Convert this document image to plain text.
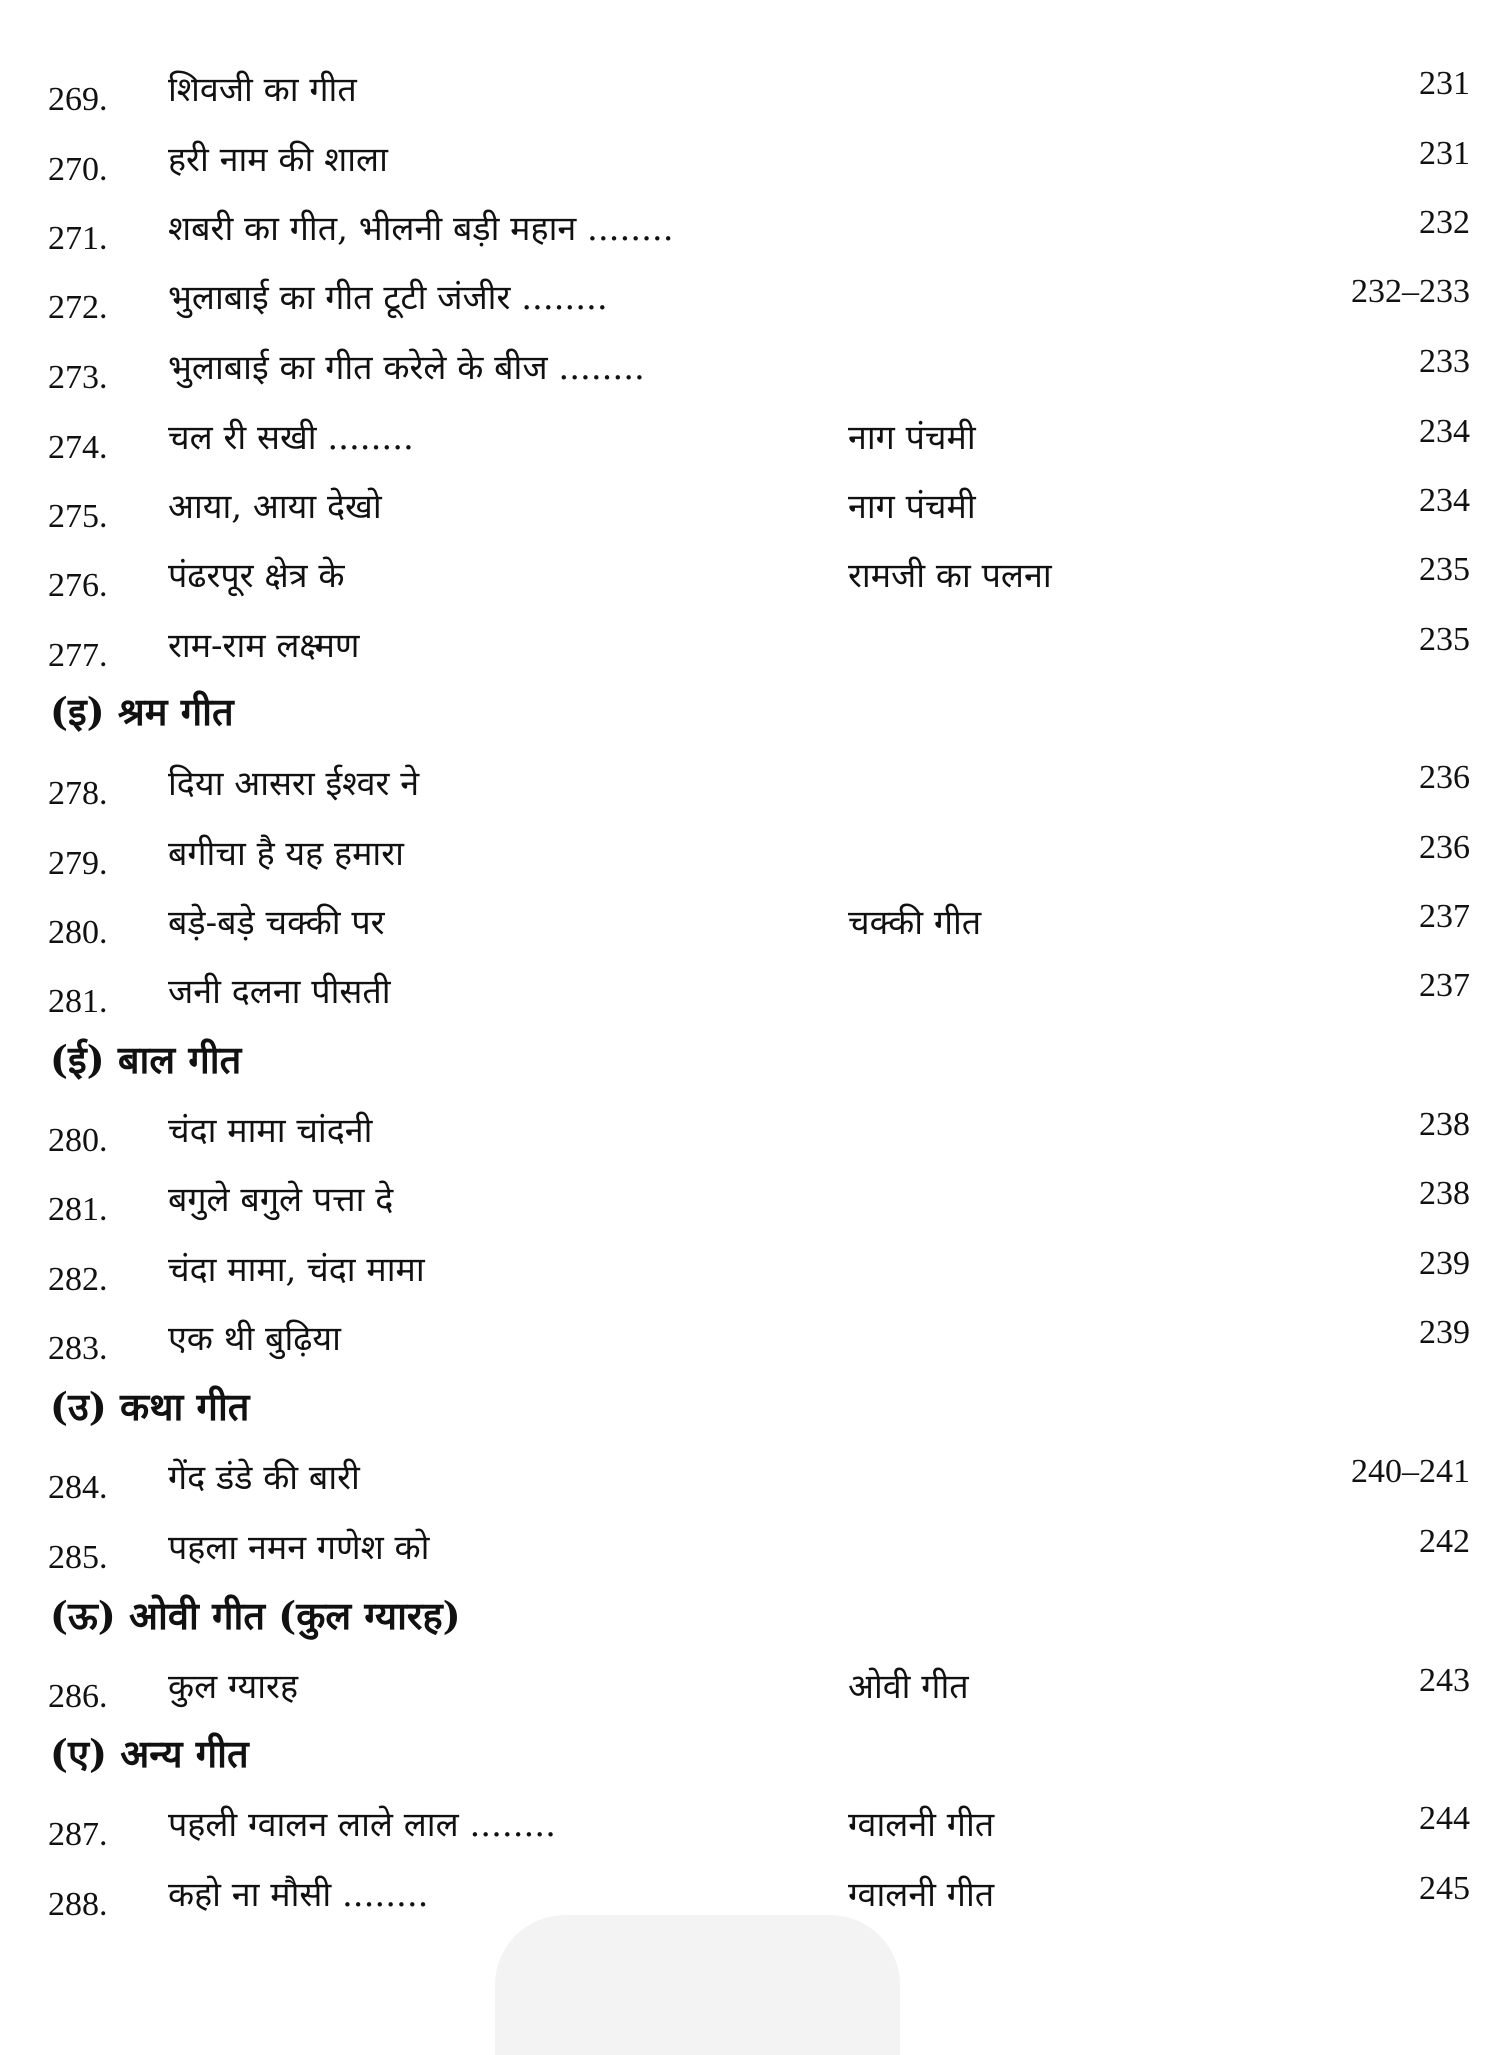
269. शिवजी का गीत	231
270. हरी नाम की शाला	231
271. शबरी का गीत, भीलनी बड़ी महान ........	232
272. भुलाबाई का गीत टूटी जंजीर ........	232–233
273. भुलाबाई का गीत करेले के बीज ........	233
274. चल री सखी ........	नाग पंचमी	234
275. आया, आया देखो	नाग पंचमी	234
276. पंढरपूर क्षेत्र के	रामजी का पलना	235
277. राम-राम लक्ष्मण	235
(इ) श्रम गीत
278. दिया आसरा ईश्वर ने	236
279. बगीचा है यह हमारा	236
280. बड़े-बड़े चक्की पर	चक्की गीत	237
281. जनी दलना पीसती	237
(ई) बाल गीत
280. चंदा मामा चांदनी	238
281. बगुले बगुले पत्ता दे	238
282. चंदा मामा, चंदा मामा	239
283. एक थी बुढ़िया	239
(उ) कथा गीत
284. गेंद डंडे की बारी	240–241
285. पहला नमन गणेश को	242
(ऊ) ओवी गीत (कुल ग्यारह)
286. कुल ग्यारह	ओवी गीत	243
(ए) अन्य गीत
287. पहली ग्वालन लाले लाल ........	ग्वालनी गीत	244
288. कहो ना मौसी ........	ग्वालनी गीत	245
